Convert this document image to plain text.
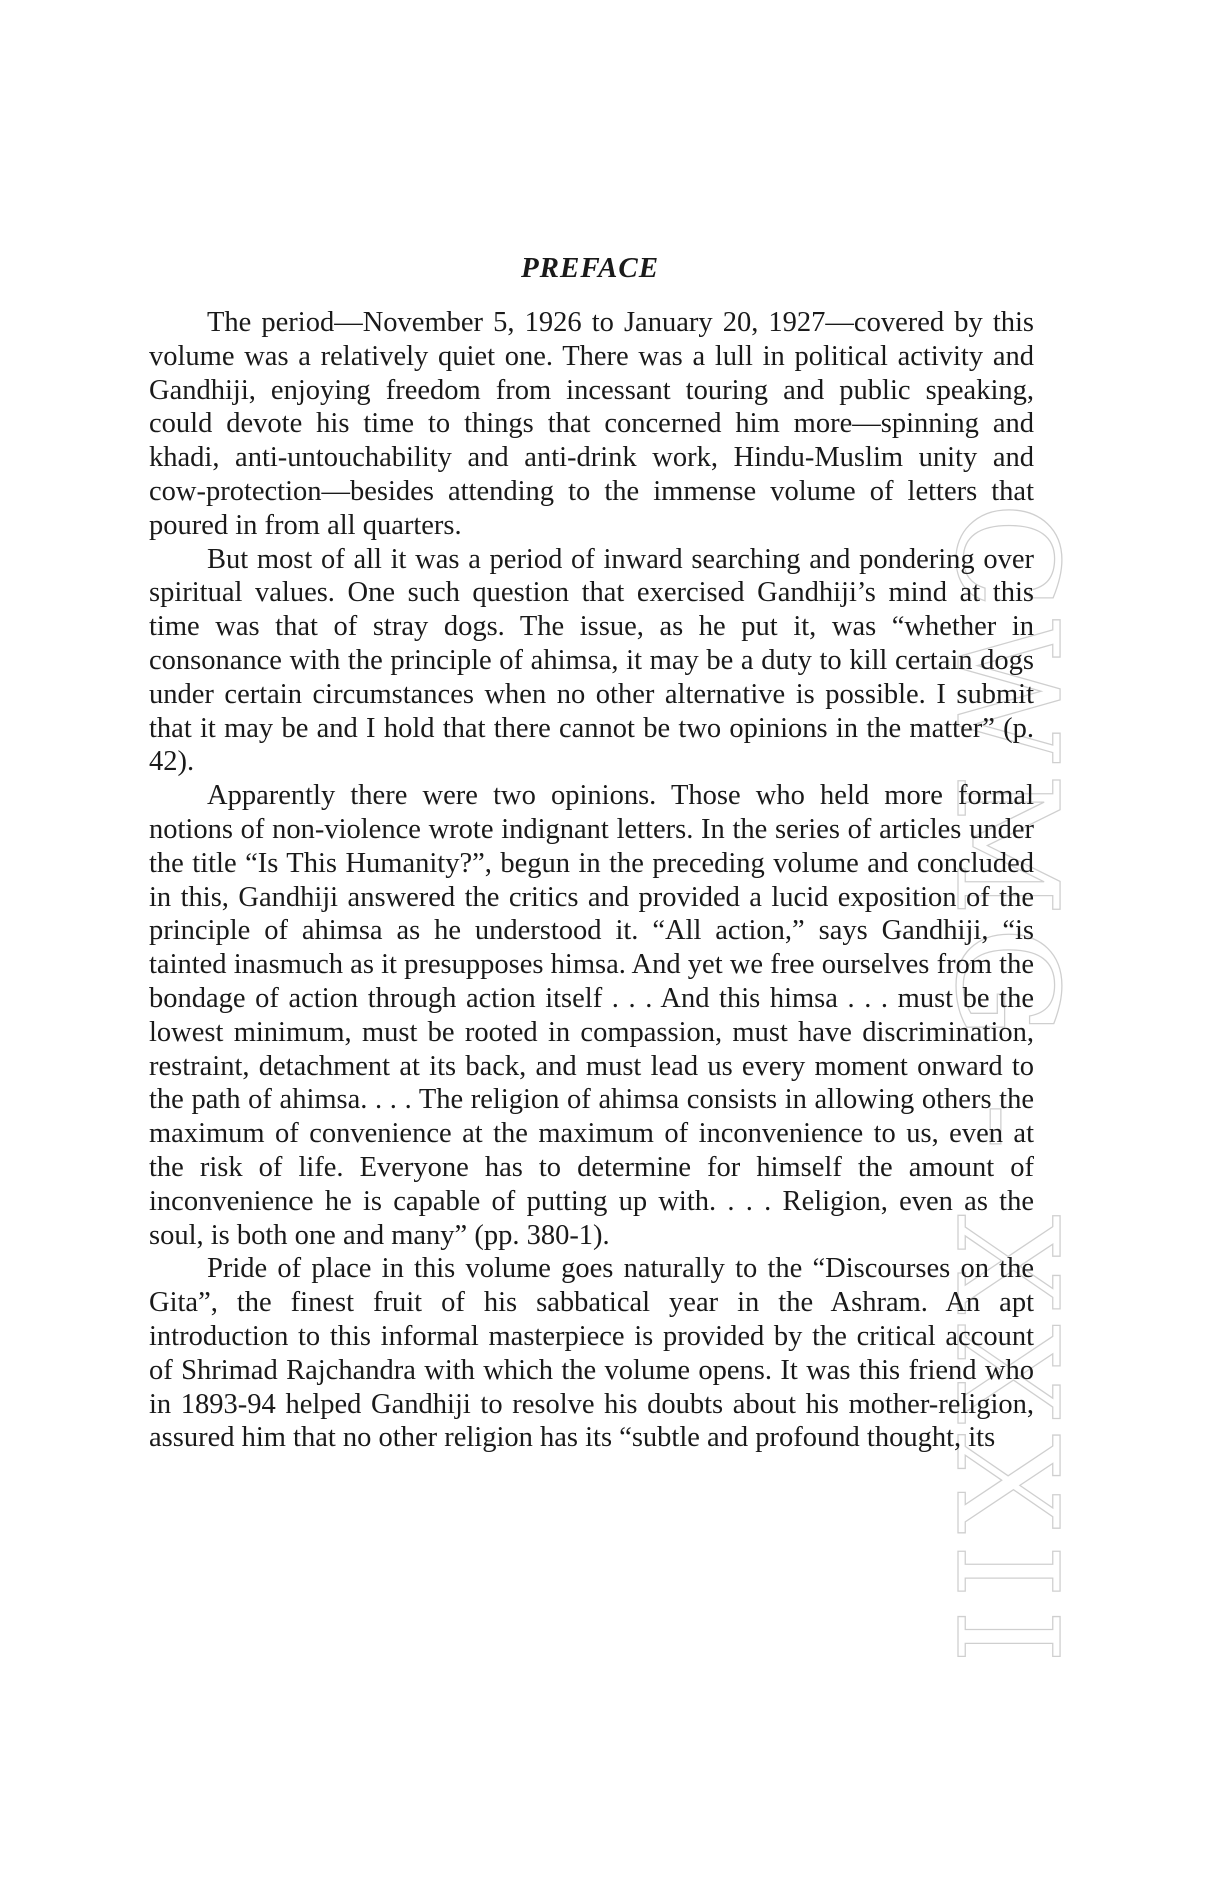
CWMG - XXXII
PREFACE

The period—November 5, 1926 to January 20, 1927—covered by this volume was a relatively quiet one. There was a lull in political activity and Gandhiji, enjoying freedom from incessant touring and public speaking, could devote his time to things that concerned him more—spinning and khadi, anti-untouchability and anti-drink work, Hindu-Muslim unity and cow-protection—besides attending to the immense volume of letters that poured in from all quarters.

But most of all it was a period of inward searching and pondering over spiritual values. One such question that exercised Gandhiji’s mind at this time was that of stray dogs. The issue, as he put it, was “whether in consonance with the principle of ahimsa, it may be a duty to kill certain dogs under certain circumstances when no other alternative is possible. I submit that it may be and I hold that there cannot be two opinions in the matter” (p. 42).

Apparently there were two opinions. Those who held more formal notions of non-violence wrote indignant letters. In the series of articles under the title “Is This Humanity?”, begun in the preceding volume and concluded in this, Gandhiji answered the critics and provided a lucid exposition of the principle of ahimsa as he understood it. “All action,” says Gandhiji, “is tainted inasmuch as it presupposes himsa. And yet we free ourselves from the bondage of action through action itself . . . And this himsa . . . must be the lowest minimum, must be rooted in compassion, must have discrimination, restraint, detachment at its back, and must lead us every moment onward to the path of ahimsa. . . . The religion of ahimsa consists in allowing others the maximum of convenience at the maximum of inconvenience to us, even at the risk of life. Everyone has to determine for himself the amount of inconvenience he is capable of putting up with. . . . Religion, even as the soul, is both one and many” (pp. 380-1).

Pride of place in this volume goes naturally to the “Discourses on the Gita”, the finest fruit of his sabbatical year in the Ashram. An apt introduction to this informal masterpiece is provided by the critical account of Shrimad Rajchandra with which the volume opens. It was this friend who in 1893-94 helped Gandhiji to resolve his doubts about his mother-religion, assured him that no other religion has its “subtle and profound thought, its
